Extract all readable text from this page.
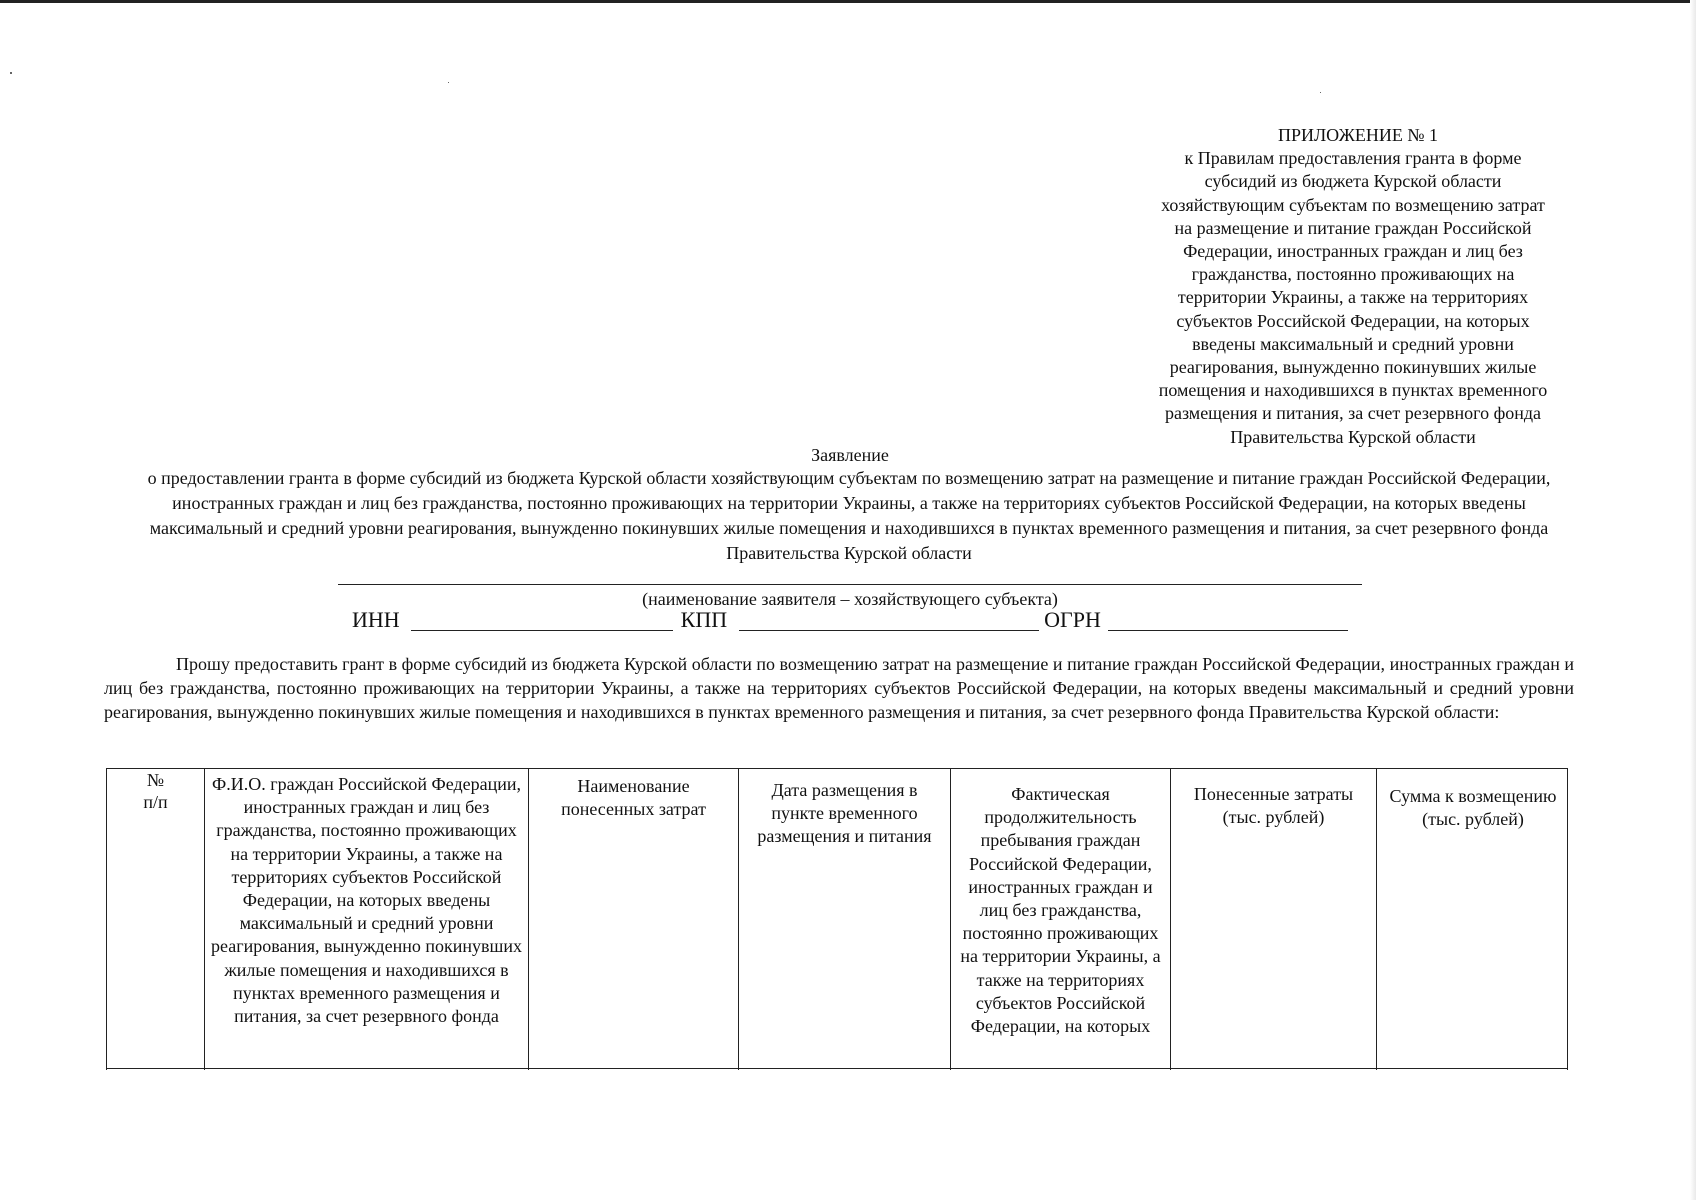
ПРИЛОЖЕНИЕ № 1
к Правилам предоставления гранта в форме
субсидий из бюджета Курской области
хозяйствующим субъектам по возмещению затрат
на размещение и питание граждан Российской
Федерации, иностранных граждан и лиц без
гражданства, постоянно проживающих на
территории Украины, а также на территориях
субъектов Российской Федерации, на которых
введены максимальный и средний уровни
реагирования, вынужденно покинувших жилые
помещения и находившихся в пунктах временного
размещения и питания, за счет резервного фонда
Правительства Курской области
Заявление
о предоставлении гранта в форме субсидий из бюджета Курской области хозяйствующим субъектам по возмещению затрат на размещение и питание граждан Российской Федерации, иностранных граждан и лиц без гражданства, постоянно проживающих на территории Украины, а также на территориях субъектов Российской Федерации, на которых введены максимальный и средний уровни реагирования, вынужденно покинувших жилые помещения и находившихся в пунктах временного размещения и питания, за счет резервного фонда Правительства Курской области
(наименование заявителя – хозяйствующего субъекта)
ИНН	КПП	ОГРН
Прошу предоставить грант в форме субсидий из бюджета Курской области по возмещению затрат на размещение и питание граждан Российской Федерации, иностранных граждан и лиц без гражданства, постоянно проживающих на территории Украины, а также на территориях субъектов Российской Федерации, на которых введены максимальный и средний уровни реагирования, вынужденно покинувших жилые помещения и находившихся в пунктах временного размещения и питания, за счет резервного фонда Правительства Курской области:
№
п/п
Ф.И.О. граждан Российской Федерации, иностранных граждан и лиц без гражданства, постоянно проживающих на территории Украины, а также на территориях субъектов Российской Федерации, на которых введены максимальный и средний уровни реагирования, вынужденно покинувших жилые помещения и находившихся в пунктах временного размещения и питания, за счет резервного фонда
Наименование понесенных затрат
Дата размещения в пункте временного размещения и питания
Фактическая продолжительность пребывания граждан Российской Федерации, иностранных граждан и лиц без гражданства, постоянно проживающих на территории Украины, а также на территориях субъектов Российской Федерации, на которых
Понесенные затраты (тыс. рублей)
Сумма к возмещению (тыс. рублей)
